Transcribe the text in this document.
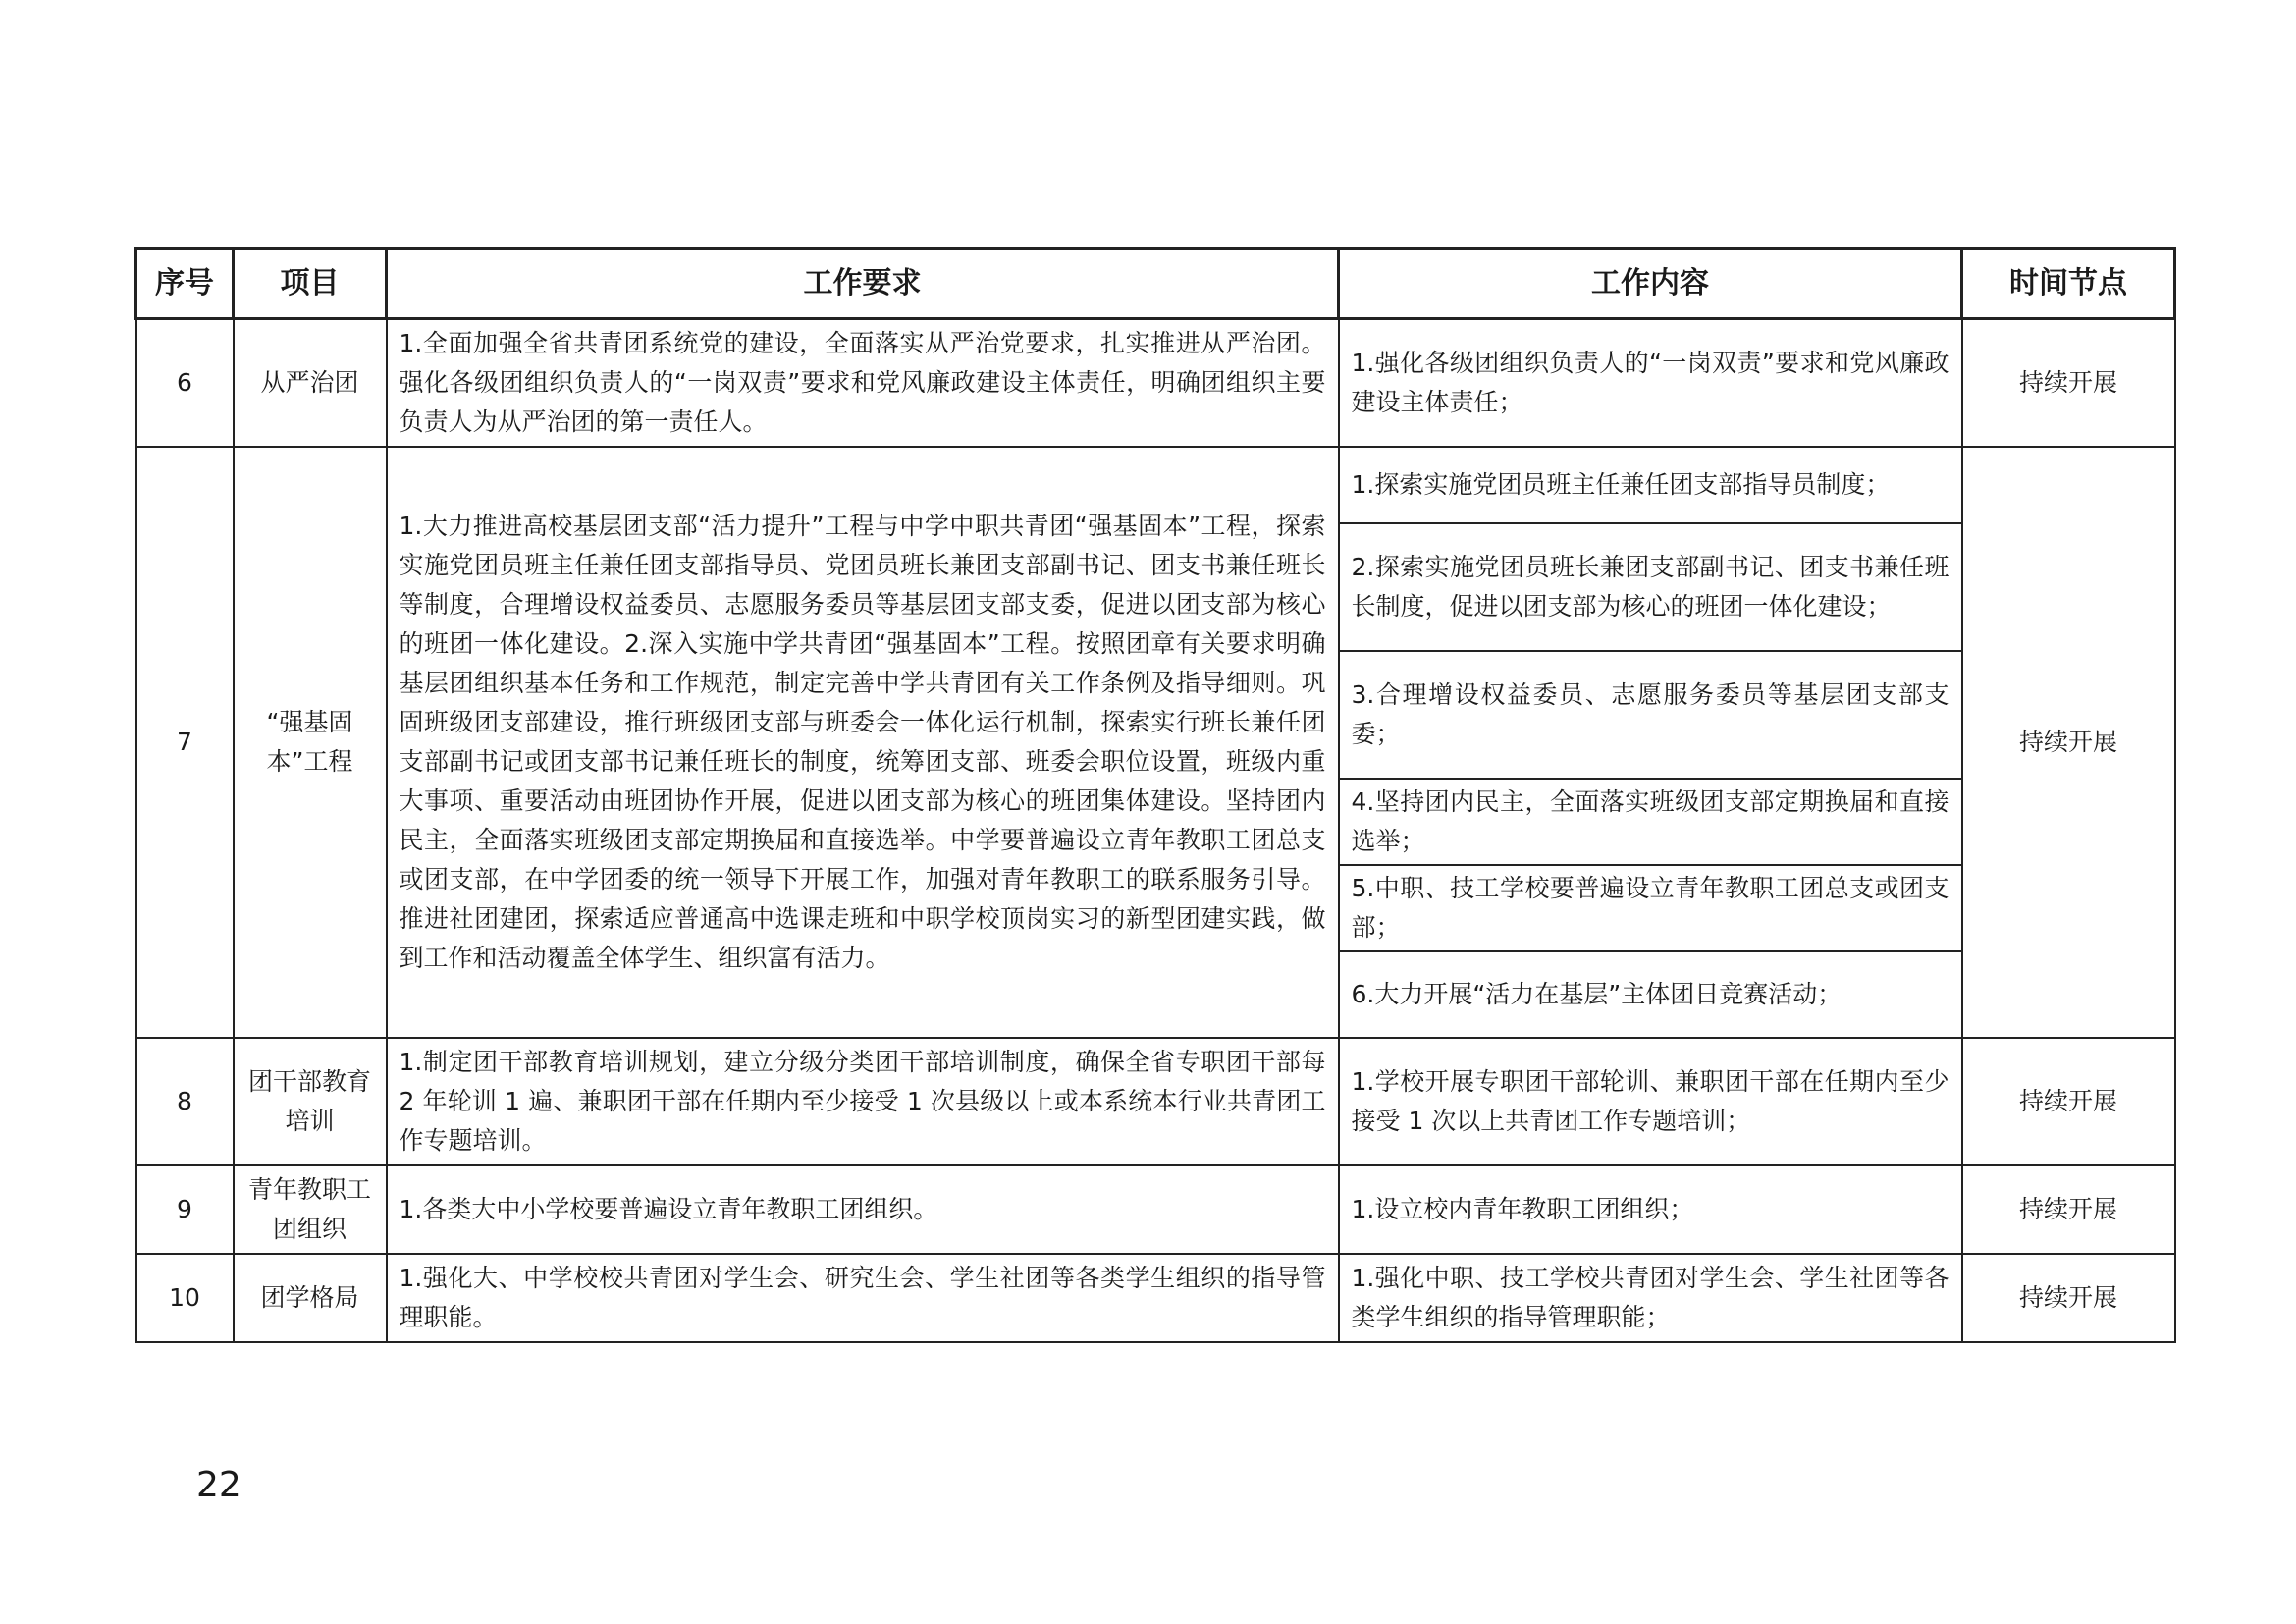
序号	项目	工作要求	工作内容	时间节点
6	从严治团	1.全面加强全省共青团系统党的建设，全面落实从严治党要求，扎实推进从严治团。强化各级团组织负责人的“一岗双责”要求和党风廉政建设主体责任，明确团组织主要负责人为从严治团的第一责任人。	1.强化各级团组织负责人的“一岗双责”要求和党风廉政建设主体责任；	持续开展
7	“强基固本”工程	1.大力推进高校基层团支部“活力提升”工程与中学中职共青团“强基固本”工程，探索实施党团员班主任兼任团支部指导员、党团员班长兼团支部副书记、团支书兼任班长等制度，合理增设权益委员、志愿服务委员等基层团支部支委，促进以团支部为核心的班团一体化建设。2.深入实施中学共青团“强基固本”工程。按照团章有关要求明确基层团组织基本任务和工作规范，制定完善中学共青团有关工作条例及指导细则。巩固班级团支部建设，推行班级团支部与班委会一体化运行机制，探索实行班长兼任团支部副书记或团支部书记兼任班长的制度，统筹团支部、班委会职位设置，班级内重大事项、重要活动由班团协作开展，促进以团支部为核心的班团集体建设。坚持团内民主，全面落实班级团支部定期换届和直接选举。中学要普遍设立青年教职工团总支或团支部，在中学团委的统一领导下开展工作，加强对青年教职工的联系服务引导。推进社团建团，探索适应普通高中选课走班和中职学校顶岗实习的新型团建实践，做到工作和活动覆盖全体学生、组织富有活力。	1.探索实施党团员班主任兼任团支部指导员制度；	持续开展
			2.探索实施党团员班长兼团支部副书记、团支书兼任班长制度，促进以团支部为核心的班团一体化建设；	
			3.合理增设权益委员、志愿服务委员等基层团支部支委；	
			4.坚持团内民主，全面落实班级团支部定期换届和直接选举；	
			5.中职、技工学校要普遍设立青年教职工团总支或团支部；	
			6.大力开展“活力在基层”主体团日竞赛活动；	
8	团干部教育培训	1.制定团干部教育培训规划，建立分级分类团干部培训制度，确保全省专职团干部每 2 年轮训 1 遍、兼职团干部在任期内至少接受 1 次县级以上或本系统本行业共青团工作专题培训。	1.学校开展专职团干部轮训、兼职团干部在任期内至少接受 1 次以上共青团工作专题培训；	持续开展
9	青年教职工团组织	1.各类大中小学校要普遍设立青年教职工团组织。	1.设立校内青年教职工团组织；	持续开展
10	团学格局	1.强化大、中学校校共青团对学生会、研究生会、学生社团等各类学生组织的指导管理职能。	1.强化中职、技工学校共青团对学生会、学生社团等各类学生组织的指导管理职能；	持续开展
22
